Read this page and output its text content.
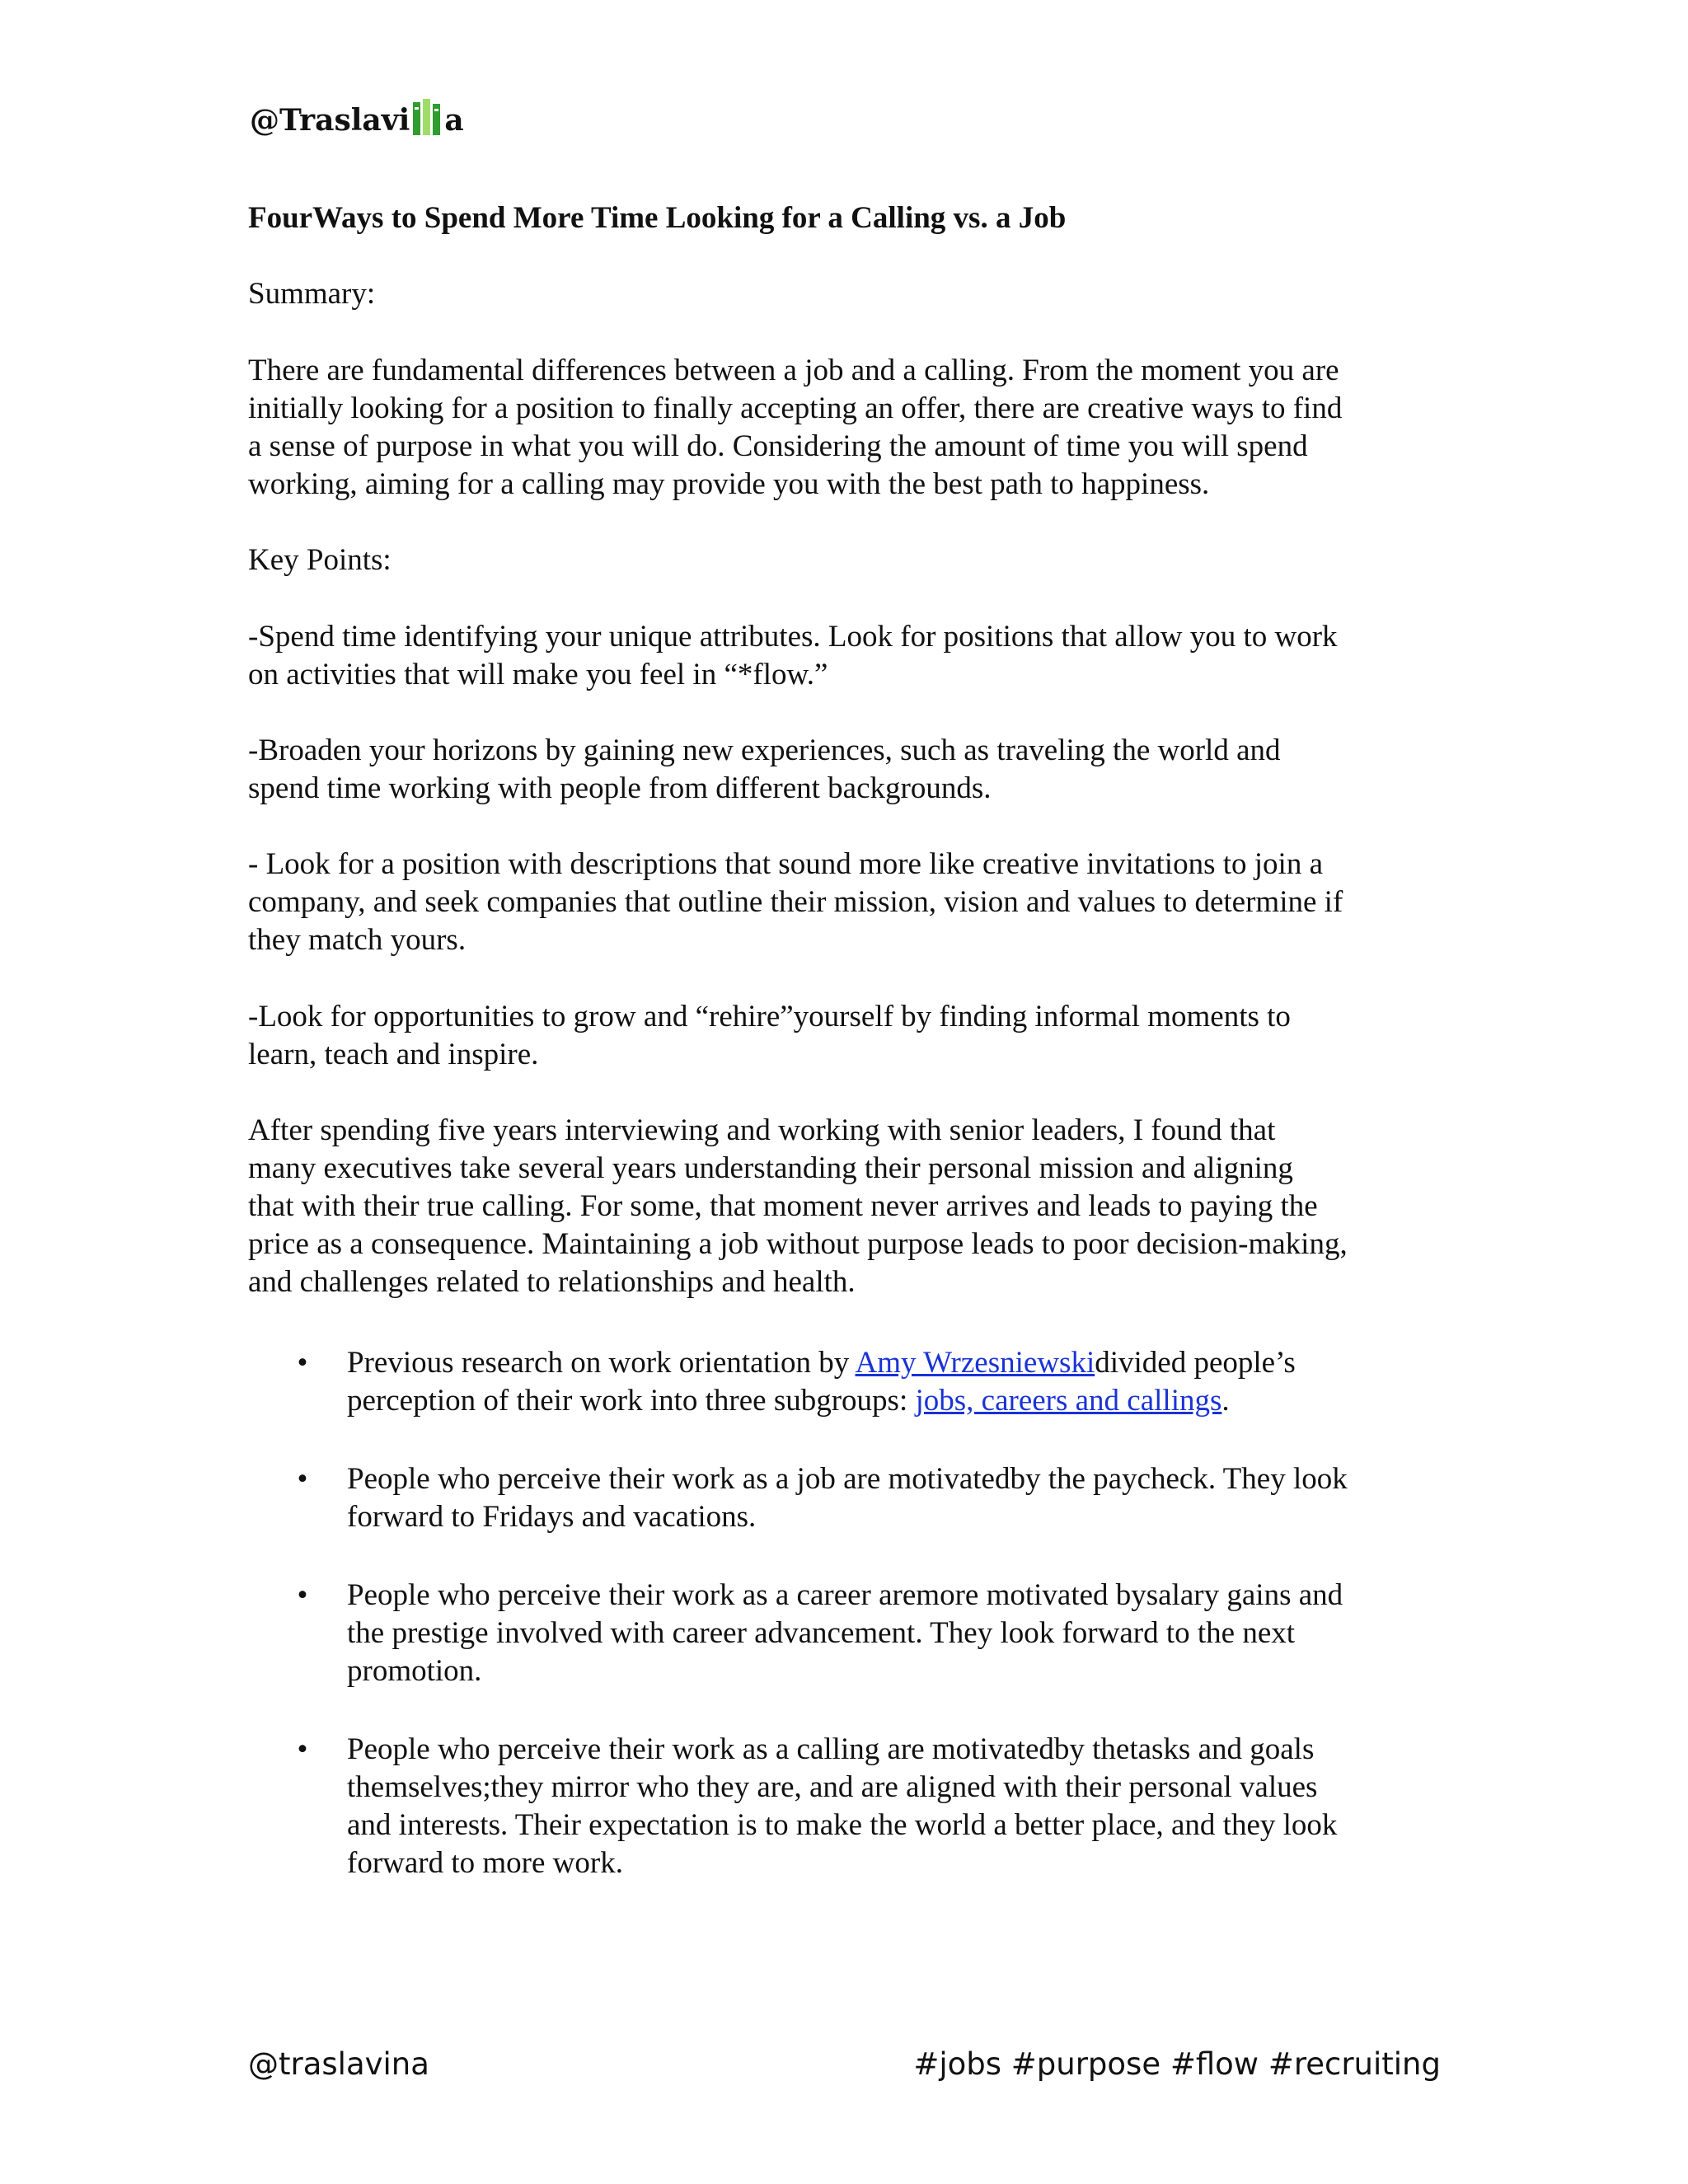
@Traslavi a
FourWays to Spend More Time Looking for a Calling vs. a Job

Summary:

There are fundamental differences between a job and a calling. From the moment you are
initially looking for a position to finally accepting an offer, there are creative ways to find
a sense of purpose in what you will do. Considering the amount of time you will spend
working, aiming for a calling may provide you with the best path to happiness.

Key Points:

-Spend time identifying your unique attributes. Look for positions that allow you to work
on activities that will make you feel in “*flow.”

-Broaden your horizons by gaining new experiences, such as traveling the world and
spend time working with people from different backgrounds.

- Look for a position with descriptions that sound more like creative invitations to join a
company, and seek companies that outline their mission, vision and values to determine if
they match yours.

-Look for opportunities to grow and “rehire”yourself by finding informal moments to
learn, teach and inspire.

After spending five years interviewing and working with senior leaders, I found that
many executives take several years understanding their personal mission and aligning
that with their true calling. For some, that moment never arrives and leads to paying the
price as a consequence. Maintaining a job without purpose leads to poor decision-making,
and challenges related to relationships and health.

• Previous research on work orientation by Amy Wrzesniewskidivided people’s
perception of their work into three subgroups: jobs, careers and callings.
• People who perceive their work as a job are motivatedby the paycheck. They look
forward to Fridays and vacations.
• People who perceive their work as a career aremore motivated bysalary gains and
the prestige involved with career advancement. They look forward to the next
promotion.
• People who perceive their work as a calling are motivatedby thetasks and goals
themselves;they mirror who they are, and are aligned with their personal values
and interests. Their expectation is to make the world a better place, and they look
forward to more work.
@traslavina	#jobs #purpose #flow #recruiting
